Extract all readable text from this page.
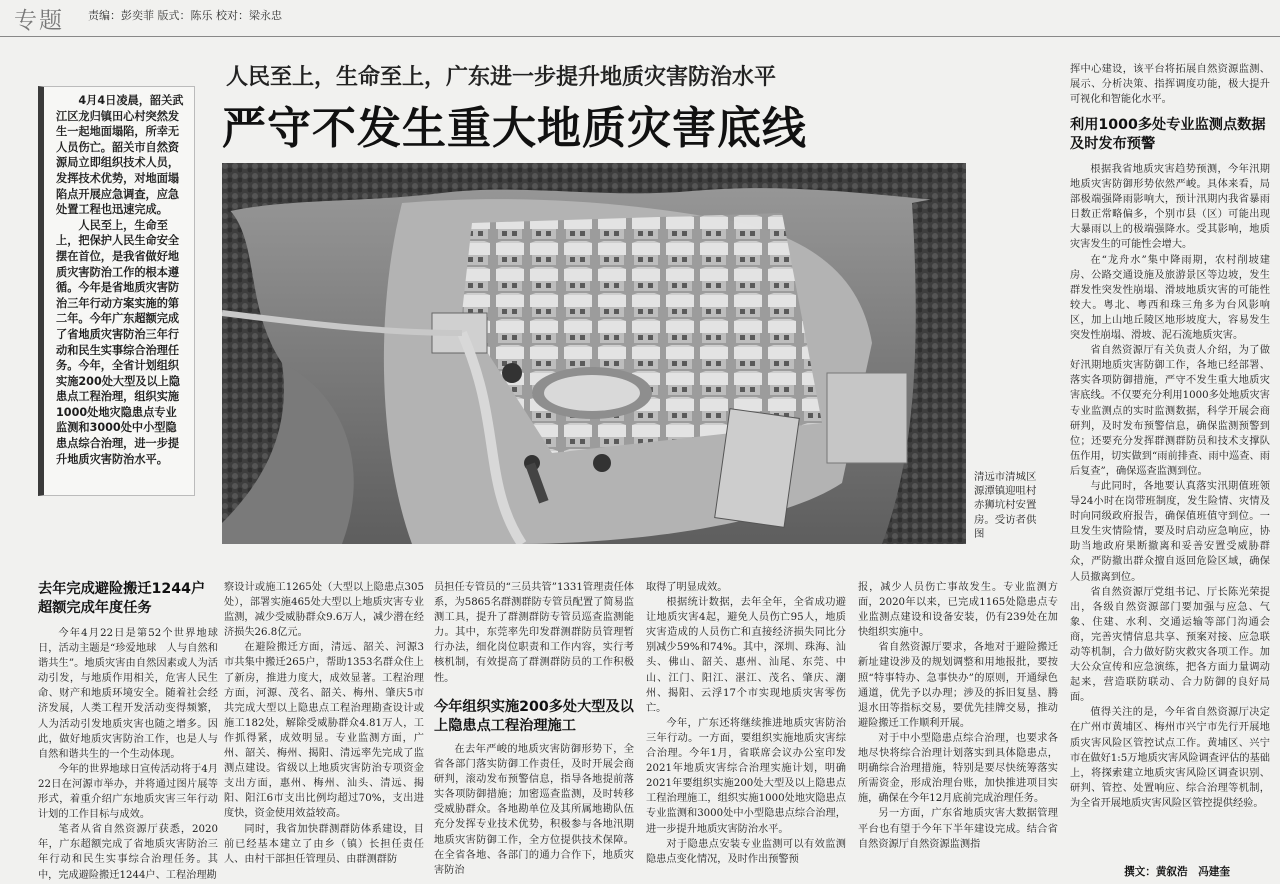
专题 责编：彭奕菲 版式：陈乐 校对：梁永忠

4月4日凌晨，韶关武江区龙归镇田心村突然发生一起地面塌陷，所幸无人员伤亡。韶关市自然资源局立即组织技术人员，发挥技术优势，对地面塌陷点开展应急调查，应急处置工程也迅速完成。

人民至上，生命至上，把保护人民生命安全摆在首位，是我省做好地质灾害防治工作的根本遵循。今年是省地质灾害防治三年行动方案实施的第二年。今年广东超额完成了省地质灾害防治三年行动和民生实事综合治理任务。今年，全省计划组织实施200处大型及以上隐患点工程治理，组织实施1000处地灾隐患点专业监测和3000处中小型隐患点综合治理，进一步提升地质灾害防治水平。

人民至上，生命至上，广东进一步提升地质灾害防治水平
严守不发生重大地质灾害底线
清远市清城区源潭镇迎咀村赤狮坑村安置房。受访者供图
去年完成避险搬迁1244户超额完成年度任务

今年4月22日是第52个世界地球日，活动主题是“珍爱地球　人与自然和谐共生”。地质灾害由自然因素或人为活动引发，与地质作用相关，危害人民生命、财产和地质环境安全。随着社会经济发展，人类工程开发活动变得频繁，人为活动引发地质灾害也随之增多。因此，做好地质灾害防治工作，也是人与自然和谐共生的一个生动体现。

今年的世界地球日宣传活动将于4月22日在河源市举办，并将通过图片展等形式，着重介绍广东地质灾害三年行动计划的工作目标与成效。

笔者从省自然资源厅获悉，2020年，广东超额完成了省地质灾害防治三年行动和民生实事综合治理任务。其中，完成避险搬迁1244户、工程治理勘

察设计或施工1265处（大型以上隐患点305处），部署实施465处大型以上地质灾害专业监测，减少受威胁群众9.6万人，减少潜在经济损失26.8亿元。

在避险搬迁方面，清远、韶关、河源3市共集中搬迁265户，帮助1353名群众住上了新房，推进力度大，成效显著。工程治理方面，河源、茂名、韶关、梅州、肇庆5市共完成大型以上隐患点工程治理勘查设计或施工182处，解除受威胁群众4.81万人，工作抓得紧，成效明显。专业监测方面，广州、韶关、梅州、揭阳、清远率先完成了监测点建设。省级以上地质灾害防治专项资金支出方面，惠州、梅州、汕头、清远、揭阳、阳江6市支出比例均超过70%，支出进度快，资金使用效益较高。

同时，我省加快群测群防体系建设，目前已经基本建立了由乡（镇）长担任责任人、由村干部担任管理员、由群测群防

员担任专管员的“三员共管”1331管理责任体系，为5865名群测群防专管员配置了简易监测工具，提升了群测群防专管员巡查监测能力。其中，东莞率先印发群测群防员管理暂行办法，细化岗位职责和工作内容，实行考核机制，有效提高了群测群防员的工作积极性。

今年组织实施200多处大型及以上隐患点工程治理施工

在去年严峻的地质灾害防御形势下，全省各部门落实防御工作责任，及时开展会商研判，滚动发布预警信息，指导各地提前落实各项防御措施；加密巡查监测，及时转移受威胁群众。各地勘单位及其所属地勘队伍充分发挥专业技术优势，积极参与各地汛期地质灾害防御工作，全方位提供技术保障。在全省各地、各部门的通力合作下，地质灾害防治

取得了明显成效。

根据统计数据，去年全年，全省成功避让地质灾害4起，避免人员伤亡95人，地质灾害造成的人员伤亡和直接经济损失同比分别减少59%和74%。其中，深圳、珠海、汕头、佛山、韶关、惠州、汕尾、东莞、中山、江门、阳江、湛江、茂名、肇庆、潮州、揭阳、云浮17个市实现地质灾害零伤亡。

今年，广东还将继续推进地质灾害防治三年行动。一方面，要组织实施地质灾害综合治理。今年1月，省联席会议办公室印发2021年地质灾害综合治理实施计划，明确2021年要组织实施200处大型及以上隐患点工程治理施工，组织实施1000处地灾隐患点专业监测和3000处中小型隐患点综合治理，进一步提升地质灾害防治水平。

对于隐患点安装专业监测可以有效监测隐患点变化情况，及时作出预警预

报，减少人员伤亡事故发生。专业监测方面，2020年以来，已完成1165处隐患点专业监测点建设和设备安装，仍有239处在加快组织实施中。

省自然资源厅要求，各地对于避险搬迁新址建设涉及的规划调整和用地报批，要按照“特事特办、急事快办”的原则，开通绿色通道，优先予以办理；涉及的拆旧复垦、腾退水田等指标交易，要优先挂牌交易，推动避险搬迁工作顺利开展。

对于中小型隐患点综合治理，也要求各地尽快将综合治理计划落实到具体隐患点，明确综合治理措施，特别是要尽快统筹落实所需资金，形成治理台账，加快推进项目实施，确保在今年12月底前完成治理任务。

另一方面，广东省地质灾害大数据管理平台也有望于今年下半年建设完成。结合省自然资源厅自然资源监测指

挥中心建设，该平台将拓展自然资源监测、展示、分析决策、指挥调度功能，极大提升可视化和智能化水平。

利用1000多处专业监测点数据及时发布预警

根据我省地质灾害趋势预测，今年汛期地质灾害防御形势依然严峻。具体来看，局部极端强降雨影响大，预计汛期内我省暴雨日数正常略偏多，个别市县（区）可能出现大暴雨以上的极端强降水。受其影响，地质灾害发生的可能性会增大。

在“龙舟水”集中降雨期，农村削坡建房、公路交通设施及旅游景区等边坡，发生群发性突发性崩塌、滑坡地质灾害的可能性较大。粤北、粤西和珠三角多为台风影响区，加上山地丘陵区地形坡度大，容易发生突发性崩塌、滑坡、泥石流地质灾害。

省自然资源厅有关负责人介绍，为了做好汛期地质灾害防御工作，各地已经部署、落实各项防御措施，严守不发生重大地质灾害底线。不仅要充分利用1000多处地质灾害专业监测点的实时监测数据，科学开展会商研判，及时发布预警信息，确保监测预警到位；还要充分发挥群测群防员和技术支撑队伍作用，切实做到“雨前排查、雨中巡查、雨后复查”，确保巡查监测到位。

与此同时，各地要认真落实汛期值班领导24小时在岗带班制度，发生险情、灾情及时向同级政府报告，确保值班值守到位。一旦发生灾情险情，要及时启动应急响应，协助当地政府果断撤离和妥善安置受威胁群众，严防撤出群众擅自返回危险区域，确保人员撤离到位。

省自然资源厅党组书记、厅长陈光荣提出，各级自然资源部门要加强与应急、气象、住建、水利、交通运输等部门沟通会商，完善灾情信息共享、预案对接、应急联动等机制，合力做好防灾救灾各项工作。加大公众宣传和应急演练，把各方面力量调动起来，营造联防联动、合力防御的良好局面。

值得关注的是，今年省自然资源厅决定在广州市黄埔区、梅州市兴宁市先行开展地质灾害风险区管控试点工作。黄埔区、兴宁市在做好1:5万地质灾害风险调查评估的基础上，将探索建立地质灾害风险区调查识别、研判、管控、处置响应、综合治理等机制，为全省开展地质灾害风险区管控提供经验。

撰文：黄叙浩　冯建奎
